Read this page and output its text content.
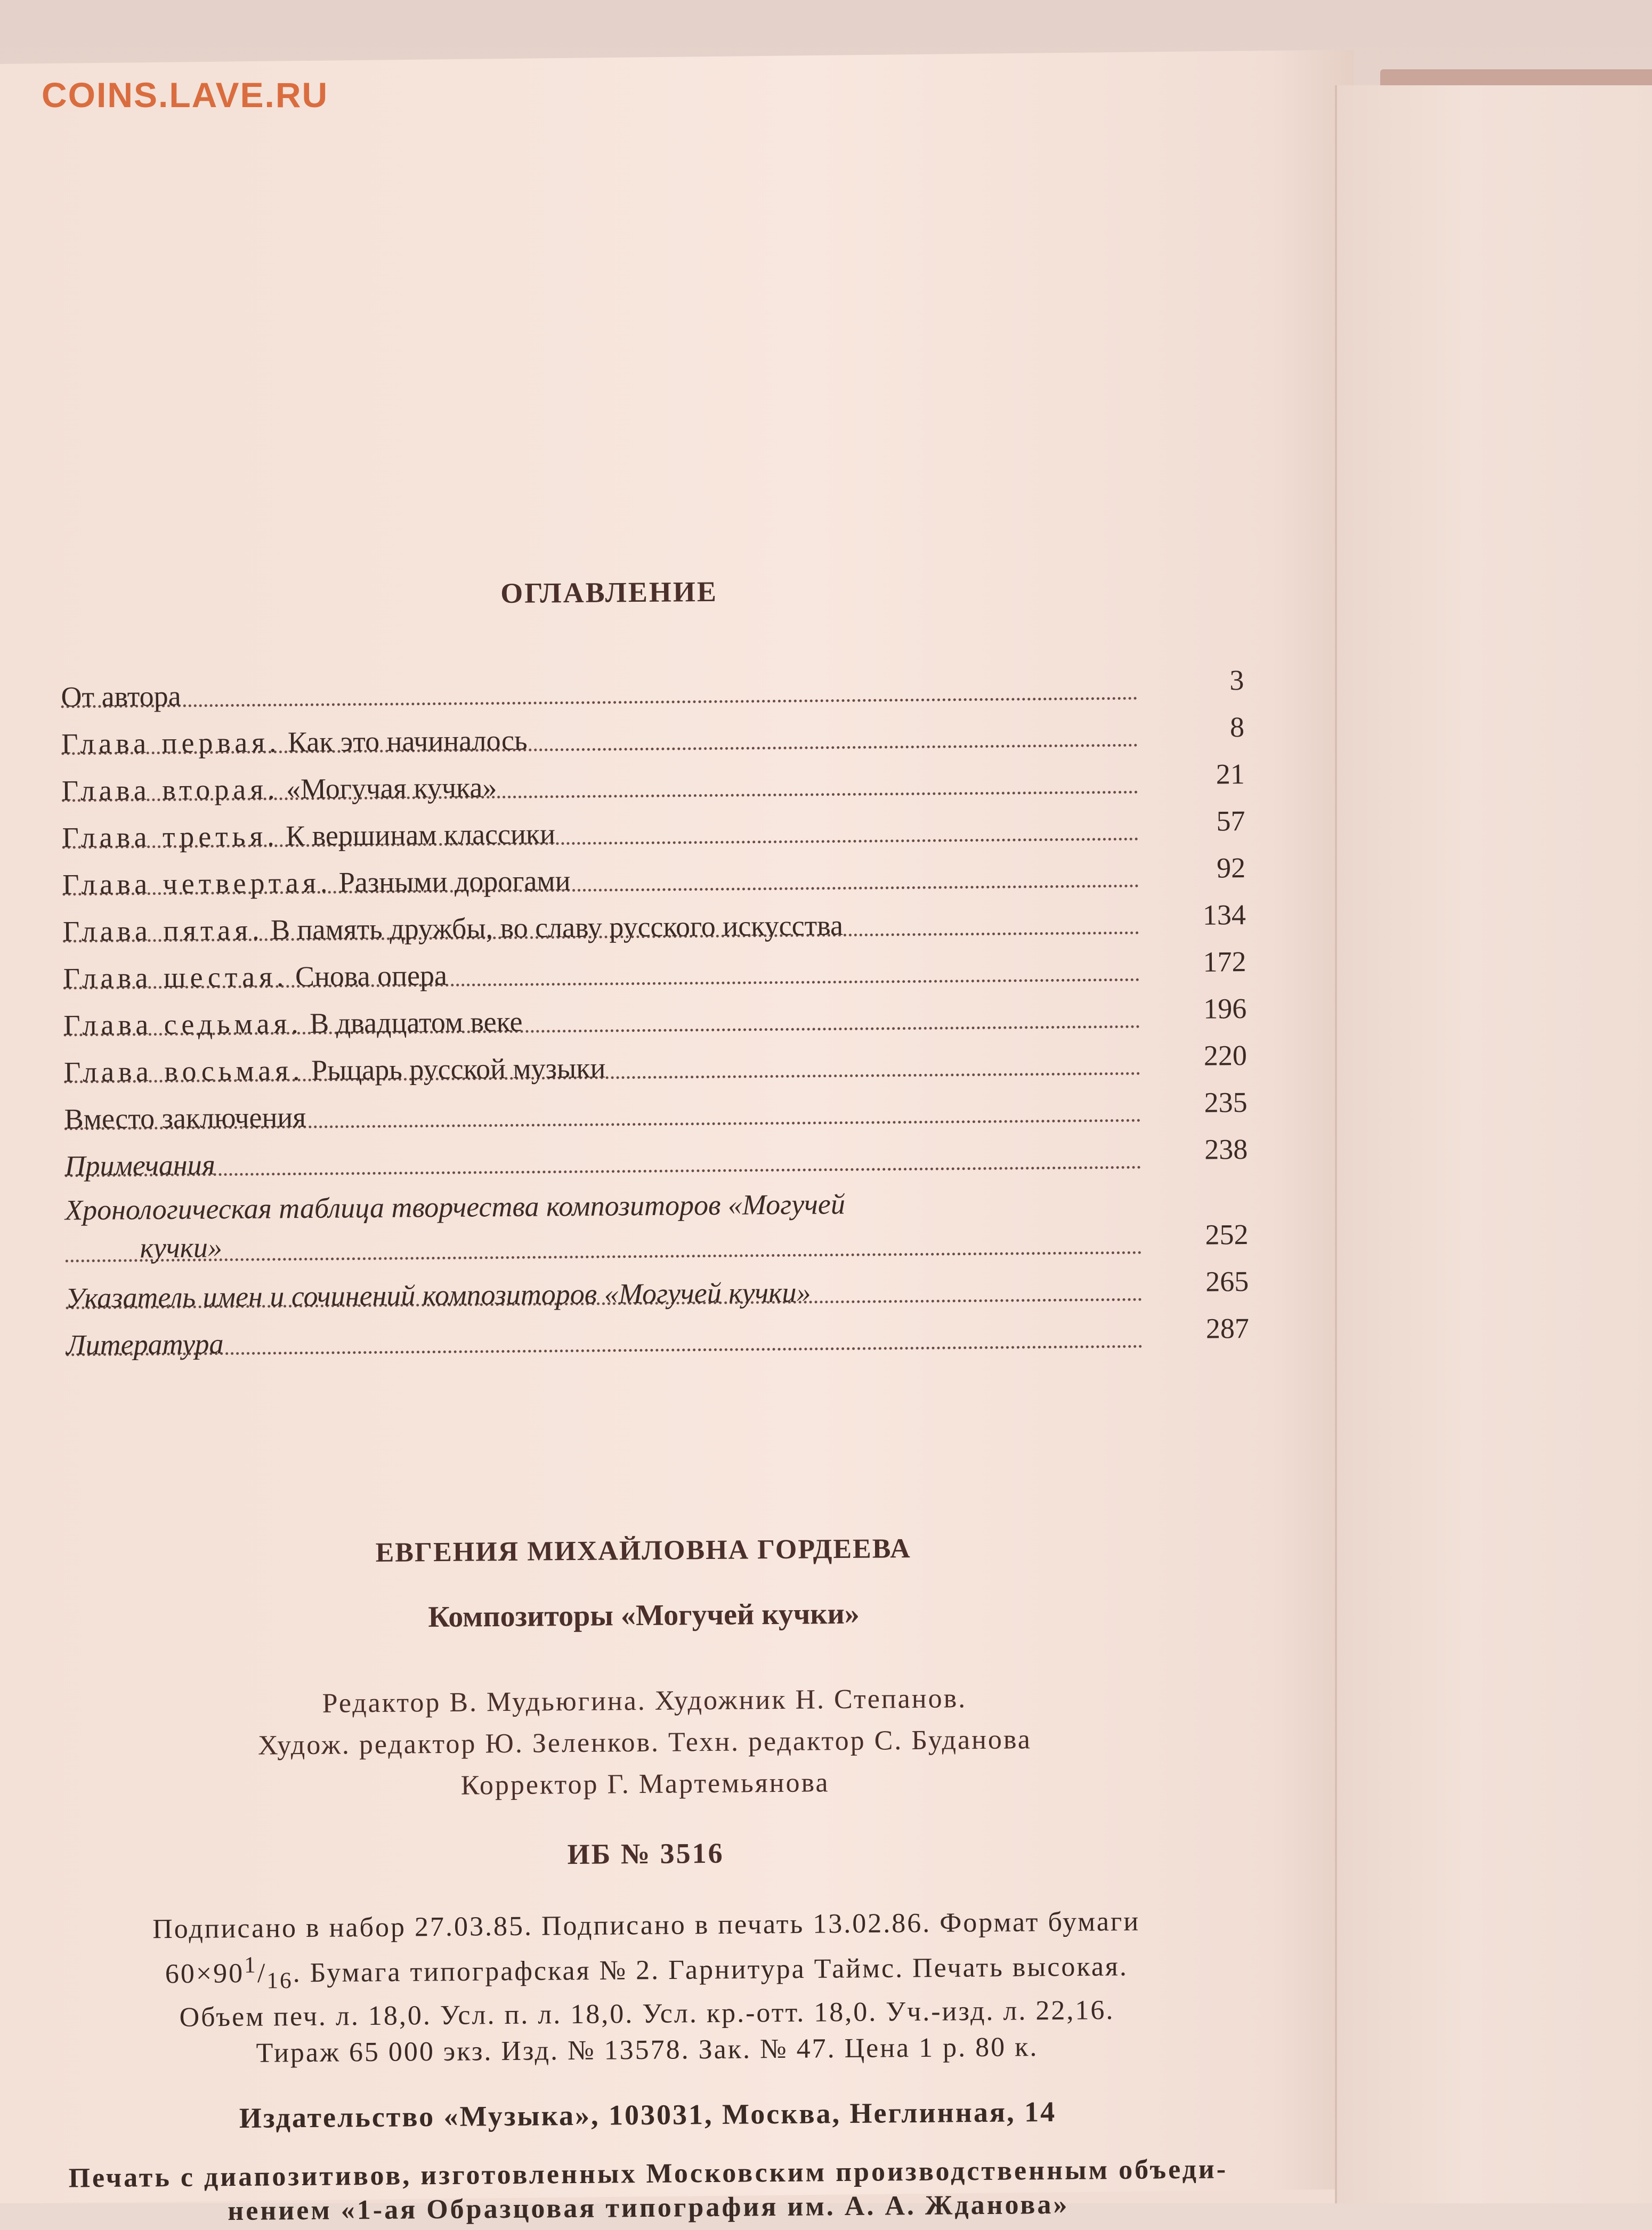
COINS.LAVE.RU
ОГЛАВЛЕНИЕ
От автора	3
Глава первая. Как это начиналось	8
Глава вторая. «Могучая кучка»	21
Глава третья. К вершинам классики	57
Глава четвертая. Разными дорогами	92
Глава пятая. В память дружбы, во славу русского искусства	134
Глава шестая. Снова опера	172
Глава седьмая. В двадцатом веке	196
Глава восьмая. Рыцарь русской музыки	220
Вместо заключения	235
Примечания	238
Хронологическая таблица творчества композиторов «Могучей
кучки»	252
Указатель имен и сочинений композиторов «Могучей кучки»	265
Литература	287
ЕВГЕНИЯ МИХАЙЛОВНА ГОРДЕЕВА
Композиторы «Могучей кучки»
Редактор В. Мудьюгина. Художник Н. Степанов.
Худож. редактор Ю. Зеленков. Техн. редактор С. Буданова
Корректор Г. Мартемьянова
ИБ № 3516
Подписано в набор 27.03.85. Подписано в печать 13.02.86. Формат бумаги
$60\times 90^1/_{16}$. Бумага типографская № 2. Гарнитура Таймс. Печать высокая.
Объем печ. л. 18,0. Усл. п. л. 18,0. Усл. кр.-отт. 18,0. Уч.-изд. л. 22,16.
Тираж 65 000 экз. Изд. № 13578. Зак. № 47. Цена 1 р. 80 к.
Издательство «Музыка», 103031, Москва, Неглинная, 14
Печать с диапозитивов, изготовленных Московским производственным объеди-
нением «1-ая Образцовая типография им. А. А. Жданова»
